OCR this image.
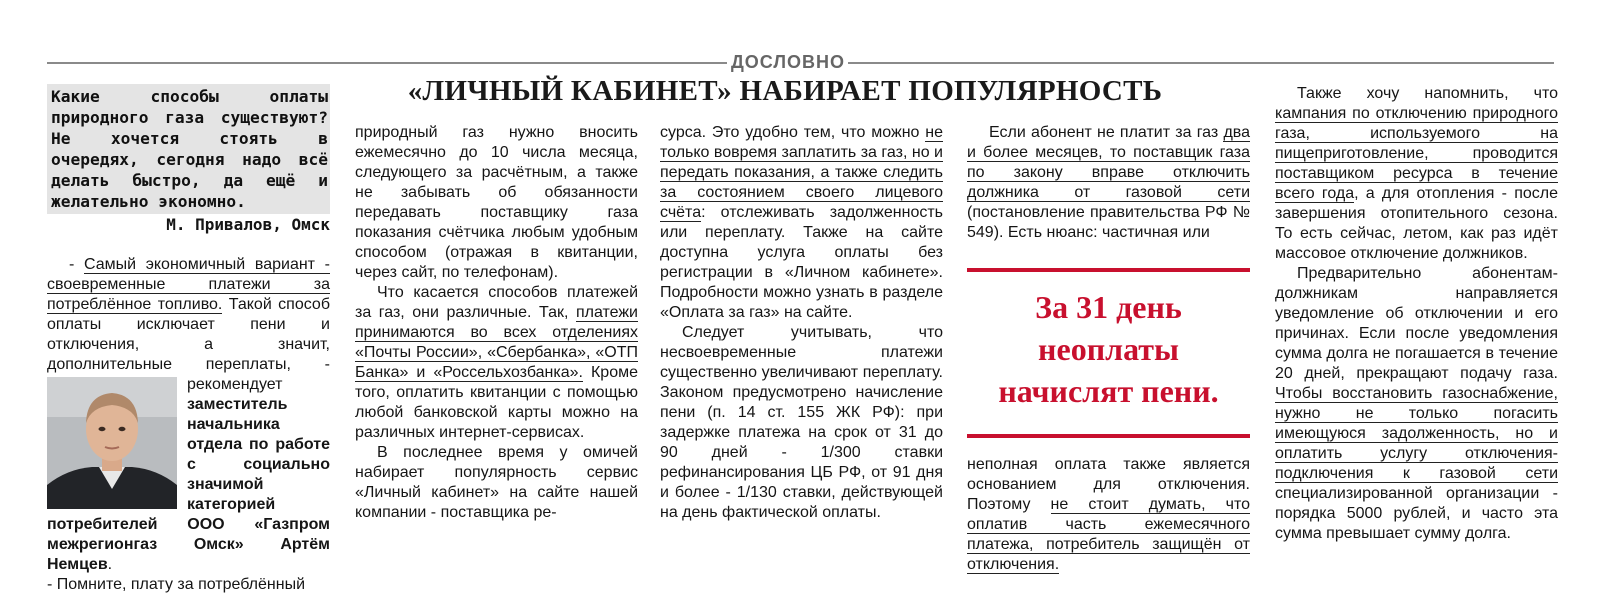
ДОСЛОВНО
«ЛИЧНЫЙ КАБИНЕТ» НАБИРАЕТ ПОПУЛЯРНОСТЬ
Какие способы оплаты природного газа существуют? Не хочется стоять в очередях, сегодня надо всё делать быстро, да ещё и желательно экономно.
М. Привалов, Омск

- Самый экономичный вариант - своевременные платежи за потреблённое топливо. Такой способ оплаты исключает пени и отключения, а значит, дополнительные переплаты, - рекомендует
заместитель начальника отдела по работе с социально значимой категорией потребителей ООО «Газпром межрегионгаз Омск» Артём Немцев.

- Помните, плату за потреблённый

природный газ нужно вносить ежемесячно до 10 числа месяца, следующего за расчётным, а также не забывать об обязанности передавать поставщику газа показания счётчика любым удобным способом (отражая в квитанции, через сайт, по телефонам).

Что касается способов платежей за газ, они различные. Так, платежи принимаются во всех отделениях «Почты России», «Сбербанка», «ОТП Банка» и «Россельхозбанка». Кроме того, оплатить квитанции с помощью любой банковской карты можно на различных интернет-сервисах.

В последнее время у омичей набирает популярность сервис «Личный кабинет» на сайте нашей компании - поставщика ре-

сурса. Это удобно тем, что можно не только вовремя заплатить за газ, но и передать показания, а также следить за состоянием своего лицевого счёта: отслеживать задолженность или переплату. Также на сайте доступна услуга оплаты без регистрации в «Личном кабинете». Подробности можно узнать в разделе «Оплата за газ» на сайте.

Следует учитывать, что несвоевременные платежи существенно увеличивают переплату. Законом предусмотрено начисление пени (п. 14 ст. 155 ЖК РФ): при задержке платежа на срок от 31 до 90 дней - 1/300 ставки рефинансирования ЦБ РФ, от 91 дня и более - 1/130 ставки, действующей на день фактической оплаты.

Если абонент не платит за газ два и более месяцев, то поставщик газа по закону вправе отключить должника от газовой сети (постановление правительства РФ № 549). Есть нюанс: частичная или

За 31 день неоплаты начислят пени.

неполная оплата также является основанием для отключения. Поэтому не стоит думать, что оплатив часть ежемесячного платежа, потребитель защищён от отключения.

Также хочу напомнить, что кампания по отключению природного газа, используемого на пищеприготовление, проводится поставщиком ресурса в течение всего года, а для отопления - после завершения отопительного сезона. То есть сейчас, летом, как раз идёт массовое отключение должников.

Предварительно абонентам-должникам направляется уведомление об отключении и его причинах. Если после уведомления сумма долга не погашается в течение 20 дней, прекращают подачу газа. Чтобы восстановить газоснабжение, нужно не только погасить имеющуюся задолженность, но и оплатить услугу отключения-подключения к газовой сети специализированной организации - порядка 5000 рублей, и часто эта сумма превышает сумму долга.
